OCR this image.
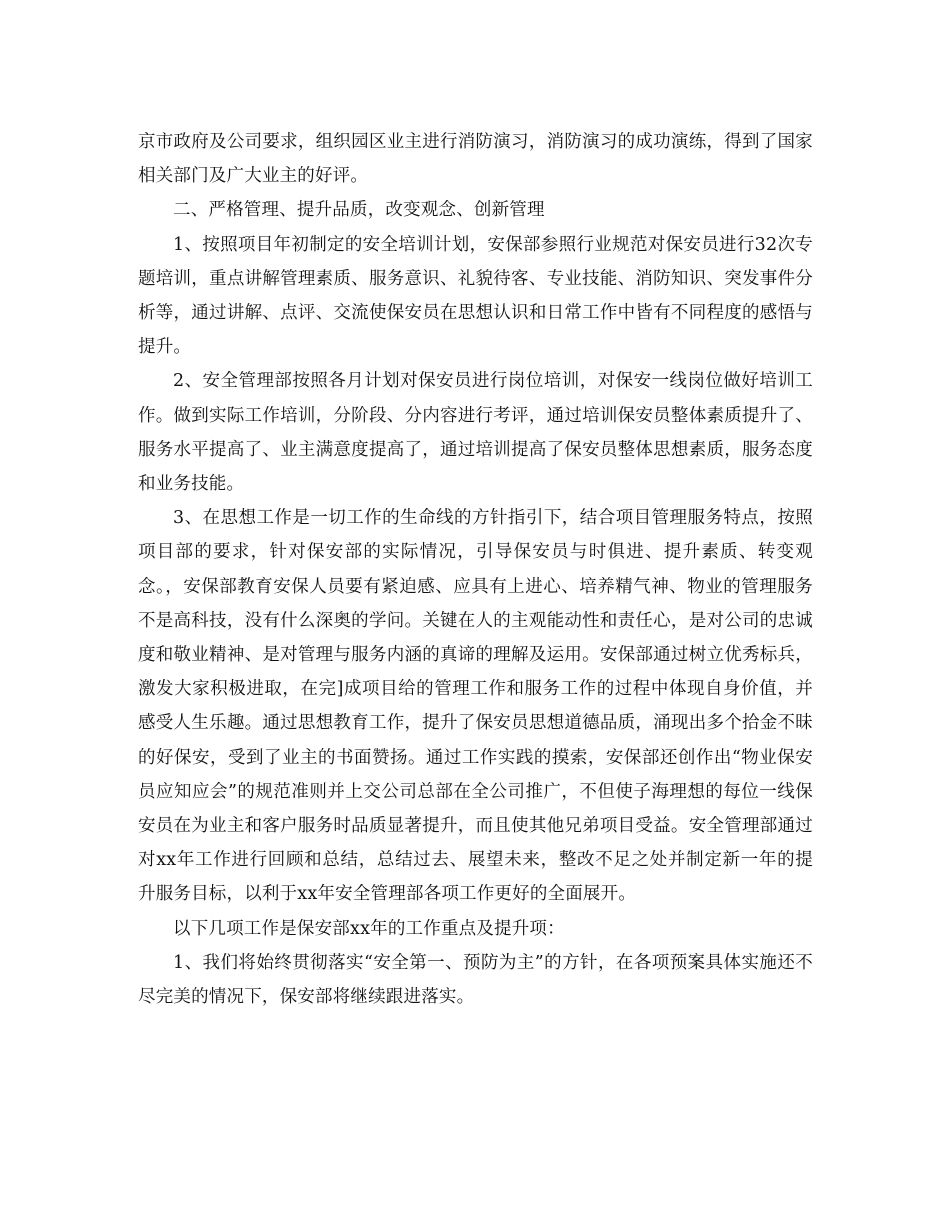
京市政府及公司要求，组织园区业主进行消防演习，消防演习的成功演练，得到了国家相关部门及广大业主的好评。

二、严格管理、提升品质，改变观念、创新管理

1、按照项目年初制定的安全培训计划，安保部参照行业规范对保安员进行32次专题培训，重点讲解管理素质、服务意识、礼貌待客、专业技能、消防知识、突发事件分析等，通过讲解、点评、交流使保安员在思想认识和日常工作中皆有不同程度的感悟与提升。

2、安全管理部按照各月计划对保安员进行岗位培训，对保安一线岗位做好培训工作。做到实际工作培训，分阶段、分内容进行考评，通过培训保安员整体素质提升了、服务水平提高了、业主满意度提高了，通过培训提高了保安员整体思想素质，服务态度和业务技能。

3、在思想工作是一切工作的生命线的方针指引下，结合项目管理服务特点，按照项目部的要求，针对保安部的实际情况，引导保安员与时俱进、提升素质、转变观念。，安保部教育安保人员要有紧迫感、应具有上进心、培养精气神、物业的管理服务不是高科技，没有什么深奥的学问。关键在人的主观能动性和责任心，是对公司的忠诚度和敬业精神、是对管理与服务内涵的真谛的理解及运用。安保部通过树立优秀标兵，激发大家积极进取，在完]成项目给的管理工作和服务工作的过程中体现自身价值，并感受人生乐趣。通过思想教育工作，提升了保安员思想道德品质，涌现出多个拾金不昧的好保安，受到了业主的书面赞扬。通过工作实践的摸索，安保部还创作出“物业保安员应知应会”的规范准则并上交公司总部在全公司推广，不但使子海理想的每位一线保安员在为业主和客户服务时品质显著提升，而且使其他兄弟项目受益。安全管理部通过对xx年工作进行回顾和总结，总结过去、展望未来，整改不足之处并制定新一年的提升服务目标，以利于xx年安全管理部各项工作更好的全面展开。

以下几项工作是保安部xx年的工作重点及提升项：

1、我们将始终贯彻落实“安全第一、预防为主”的方针，在各项预案具体实施还不尽完美的情况下，保安部将继续跟进落实。
